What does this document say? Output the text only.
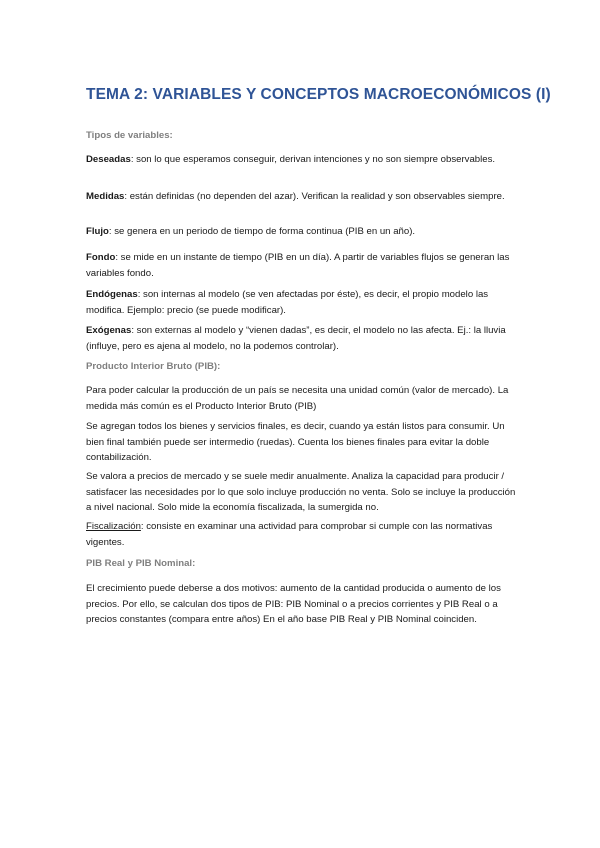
TEMA 2: VARIABLES Y CONCEPTOS MACROECONÓMICOS (I)

Tipos de variables:

Deseadas: son lo que esperamos conseguir, derivan intenciones y no son siempre observables.

Medidas: están definidas (no dependen del azar). Verifican la realidad y son observables siempre.

Flujo: se genera en un periodo de tiempo de forma continua (PIB en un año).

Fondo: se mide en un instante de tiempo (PIB en un día). A partir de variables flujos se generan las variables fondo.

Endógenas: son internas al modelo (se ven afectadas por éste), es decir, el propio modelo las modifica. Ejemplo: precio (se puede modificar).

Exógenas: son externas al modelo y “vienen dadas”, es decir, el modelo no las afecta. Ej.: la lluvia (influye, pero es ajena al modelo, no la podemos controlar).

Producto Interior Bruto (PIB):

Para poder calcular la producción de un país se necesita una unidad común (valor de mercado). La medida más común es el Producto Interior Bruto (PIB)

Se agregan todos los bienes y servicios finales, es decir, cuando ya están listos para consumir. Un bien final también puede ser intermedio (ruedas). Cuenta los bienes finales para evitar la doble contabilización.

Se valora a precios de mercado y se suele medir anualmente. Analiza la capacidad para producir / satisfacer las necesidades por lo que solo incluye producción no venta. Solo se incluye la producción a nivel nacional. Solo mide la economía fiscalizada, la sumergida no.

Fiscalización: consiste en examinar una actividad para comprobar si cumple con las normativas vigentes.

PIB Real y PIB Nominal:

El crecimiento puede deberse a dos motivos: aumento de la cantidad producida o aumento de los precios. Por ello, se calculan dos tipos de PIB: PIB Nominal o a precios corrientes y PIB Real o a precios constantes (compara entre años) En el año base PIB Real y PIB Nominal coinciden.
